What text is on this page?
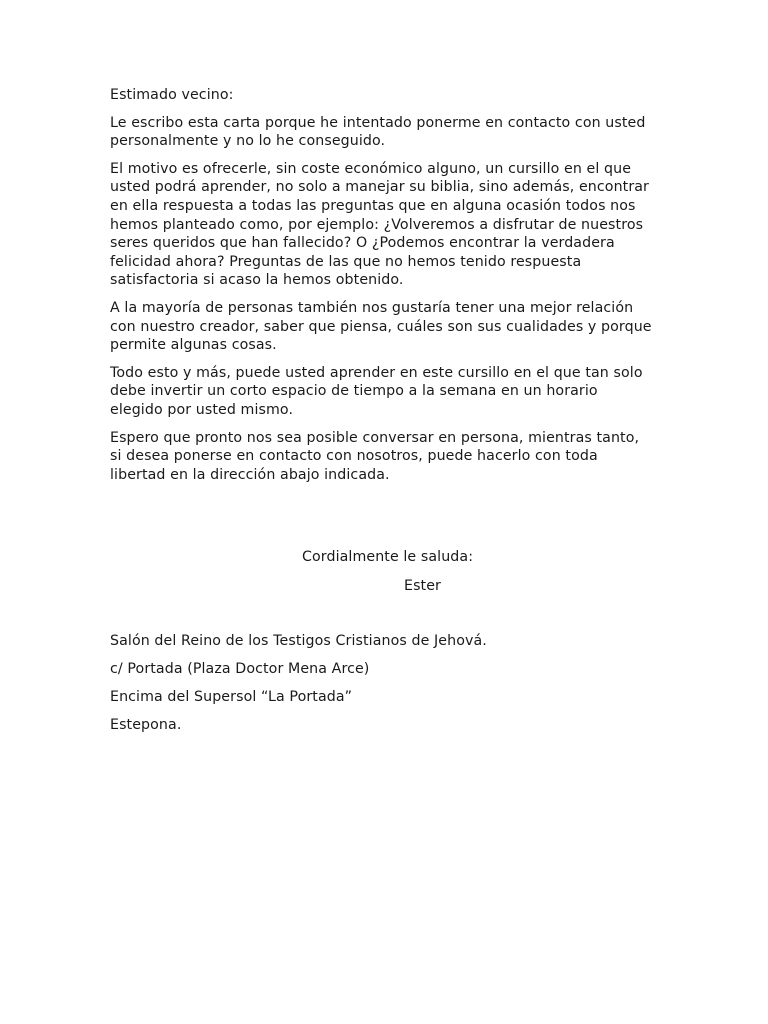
Estimado vecino:

Le escribo esta carta porque he intentado ponerme en contacto con usted personalmente y no lo he conseguido.

El motivo es ofrecerle, sin coste económico alguno, un cursillo en el que usted podrá aprender, no solo a manejar su biblia, sino además, encontrar en ella respuesta a todas las preguntas que en alguna ocasión todos nos hemos planteado como, por ejemplo: ¿Volveremos a disfrutar de nuestros seres queridos que han fallecido? O ¿Podemos encontrar la verdadera felicidad ahora? Preguntas de las que no hemos tenido respuesta satisfactoria si acaso la hemos obtenido.

A la mayoría de personas también nos gustaría tener una mejor relación con nuestro creador, saber que piensa, cuáles son sus cualidades y porque permite algunas cosas.

Todo esto y más, puede usted aprender en este cursillo en el que tan solo debe invertir un corto espacio de tiempo a la semana en un horario elegido por usted mismo.

Espero que pronto nos sea posible conversar en persona, mientras tanto, si desea ponerse en contacto con nosotros, puede hacerlo con toda libertad en la dirección abajo indicada.

Cordialmente le saluda:
Ester

Salón del Reino de los Testigos Cristianos de Jehová.

c/ Portada (Plaza Doctor Mena Arce)

Encima del Supersol “La Portada”

Estepona.
